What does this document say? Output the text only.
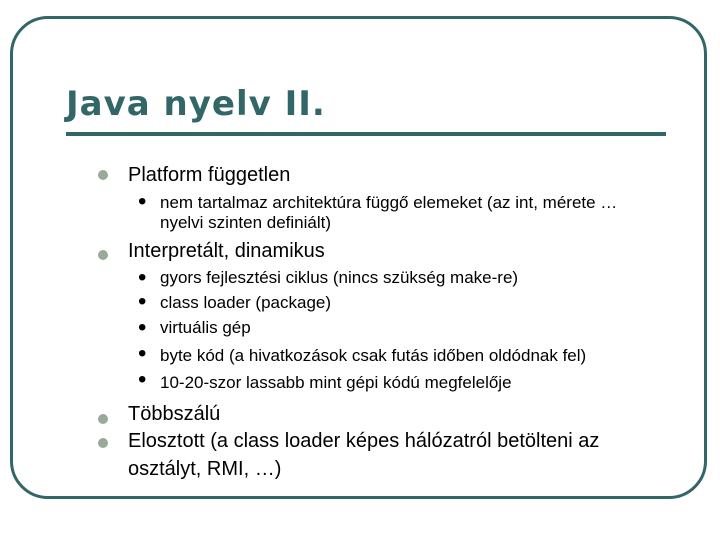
Java nyelv II.
Platform független
• nem tartalmaz architektúra függő elemeket (az int, mérete …
nyelvi szinten definiált)
Interpretált, dinamikus
• gyors fejlesztési ciklus (nincs szükség make-re)
• class loader (package)
• virtuális gép
• byte kód (a hivatkozások csak futás időben oldódnak fel)
• 10-20-szor lassabb mint gépi kódú megfelelője
Többszálú
Elosztott (a class loader képes hálózatról betölteni az
osztályt, RMI, …)
